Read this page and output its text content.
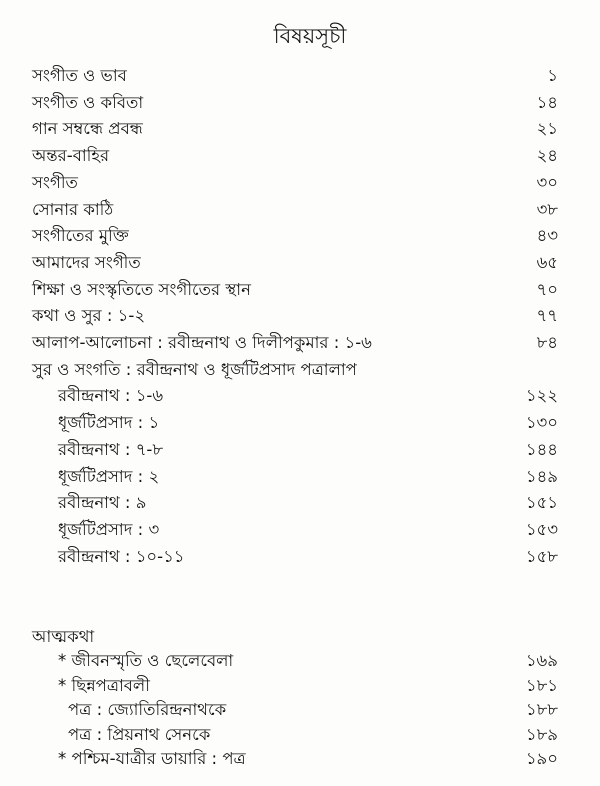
বিষয়সূচী
সংগীত ও ভাব	১
সংগীত ও কবিতা	১৪
গান সম্বন্ধে প্রবন্ধ	২১
অন্তর-বাহির	২৪
সংগীত	৩০
সোনার কাঠি	৩৮
সংগীতের মুক্তি	৪৩
আমাদের সংগীত	৬৫
শিক্ষা ও সংস্কৃতিতে সংগীতের স্থান	৭০
কথা ও সুর : ১-২	৭৭
আলাপ-আলোচনা : রবীন্দ্রনাথ ও দিলীপকুমার : ১-৬	৮৪
সুর ও সংগতি : রবীন্দ্রনাথ ও ধূর্জটিপ্রসাদ পত্রালাপ
রবীন্দ্রনাথ : ১-৬	১২২
ধূর্জটিপ্রসাদ : ১	১৩০
রবীন্দ্রনাথ : ৭-৮	১৪৪
ধূর্জটিপ্রসাদ : ২	১৪৯
রবীন্দ্রনাথ : ৯	১৫১
ধূর্জটিপ্রসাদ : ৩	১৫৩
রবীন্দ্রনাথ : ১০-১১	১৫৮
আত্মকথা
* জীবনস্মৃতি ও ছেলেবেলা	১৬৯
* ছিন্নপত্রাবলী	১৮১
পত্র : জ্যোতিরিন্দ্রনাথকে	১৮৮
পত্র : প্রিয়নাথ সেনকে	১৮৯
* পশ্চিম-যাত্রীর ডায়ারি : পত্র	১৯০
